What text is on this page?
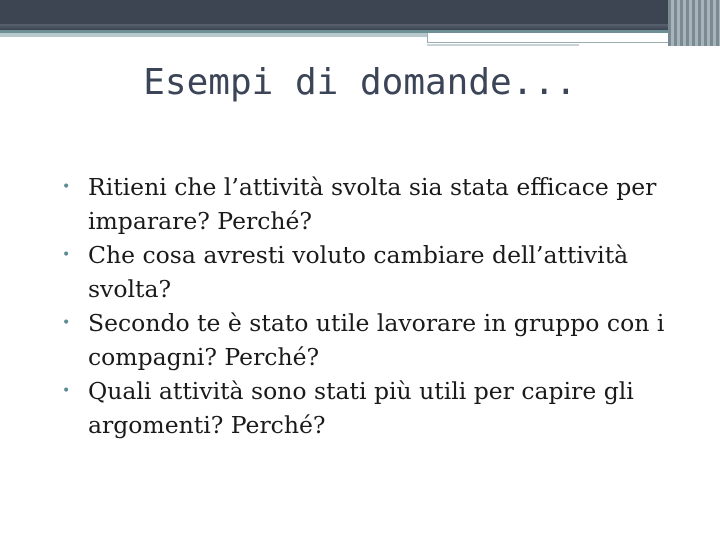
Esempi di domande...
• Ritieni che l’attività svolta sia stata efficace per imparare? Perché?
• Che cosa avresti voluto cambiare dell’attività svolta?
• Secondo te è stato utile lavorare in gruppo con i compagni? Perché?
• Quali attività sono stati più utili per capire gli argomenti? Perché?
